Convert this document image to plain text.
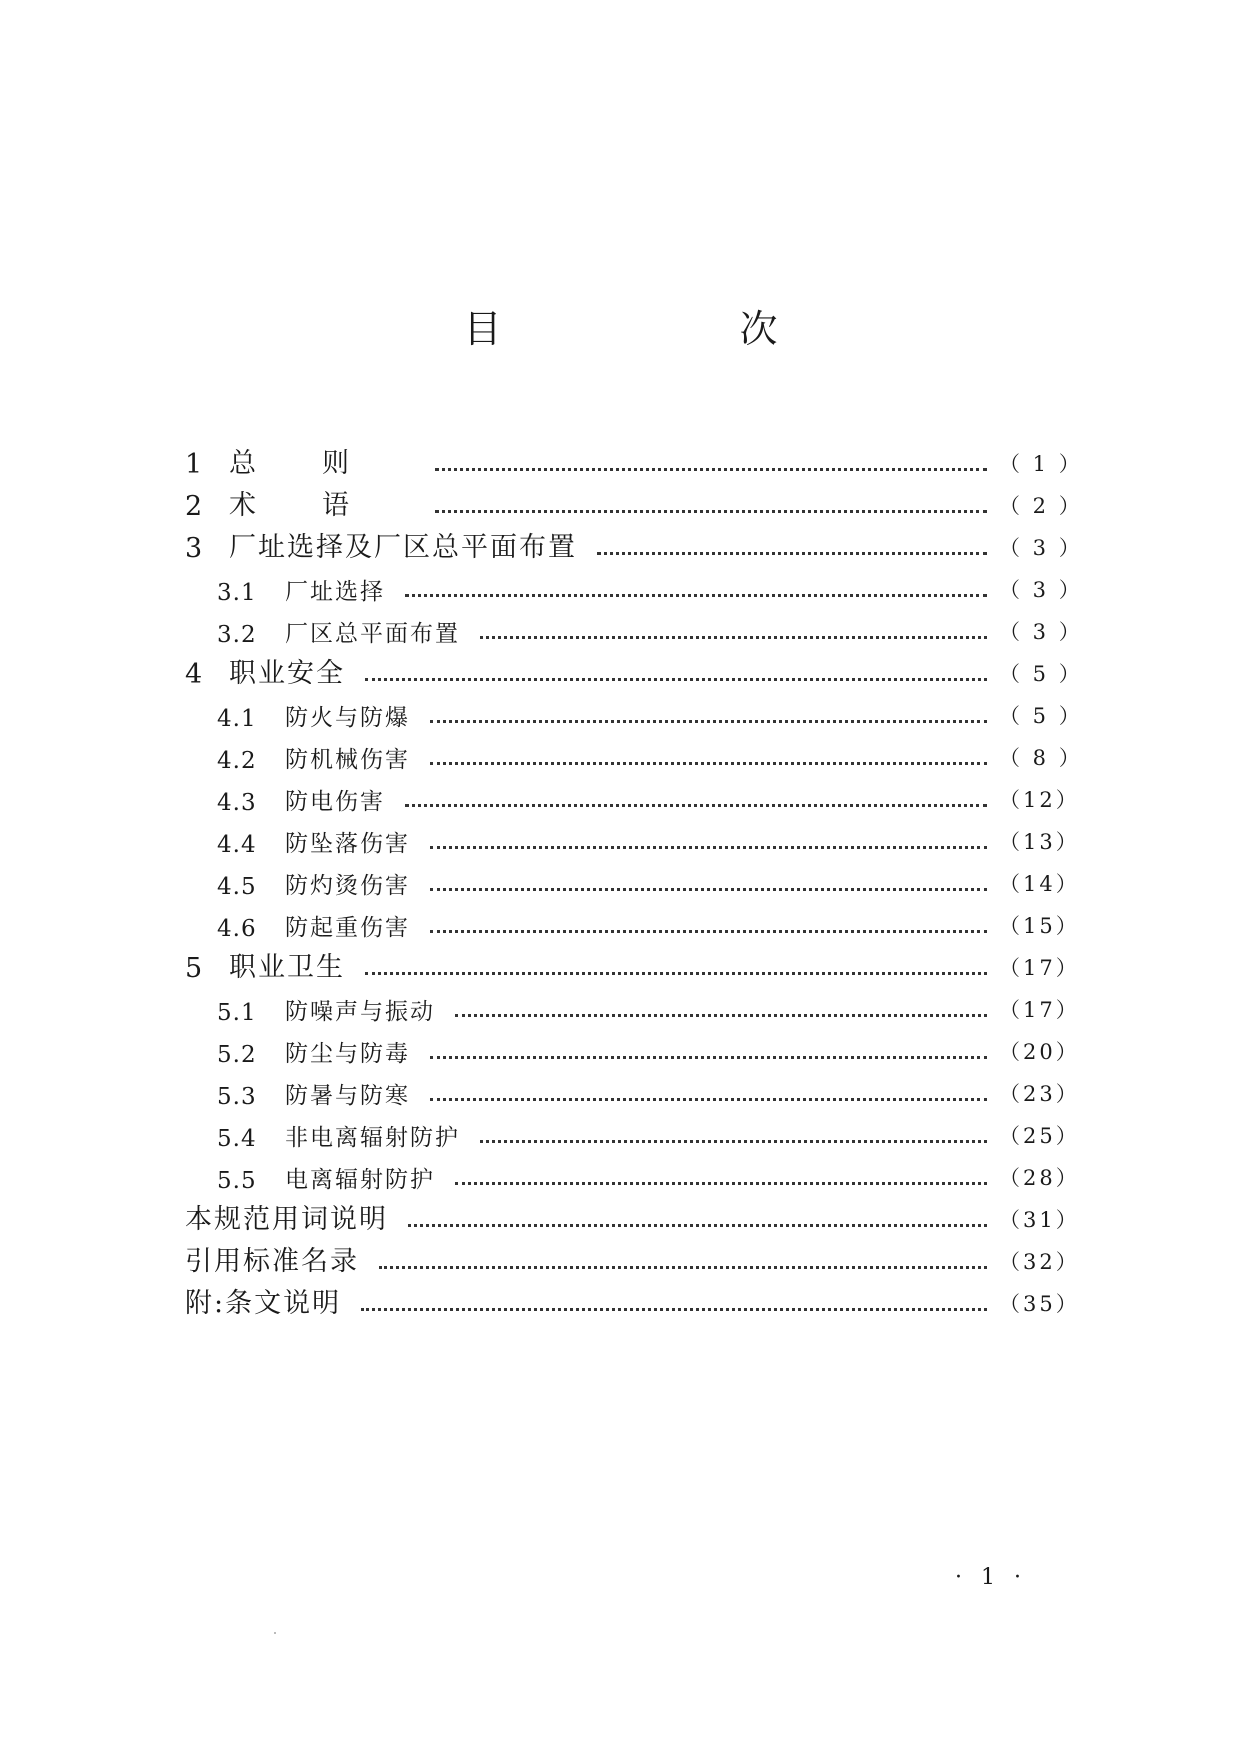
目　次
1 总则	（ 1 ）
2 术语	（ 2 ）
3 厂址选择及厂区总平面布置	（ 3 ）
3.1	厂址选择	（ 3 ）
3.2	厂区总平面布置	（ 3 ）
4 职业安全	（ 5 ）
4.1	防火与防爆	（ 5 ）
4.2	防机械伤害	（ 8 ）
4.3	防电伤害	（12）
4.4	防坠落伤害	（13）
4.5	防灼烫伤害	（14）
4.6	防起重伤害	（15）
5 职业卫生	（17）
5.1	防噪声与振动	（17）
5.2	防尘与防毒	（20）
5.3	防暑与防寒	（23）
5.4	非电离辐射防护	（25）
5.5	电离辐射防护	（28）
本规范用词说明	（31）
引用标准名录	（32）
附:条文说明	（35）
· 1 ·
